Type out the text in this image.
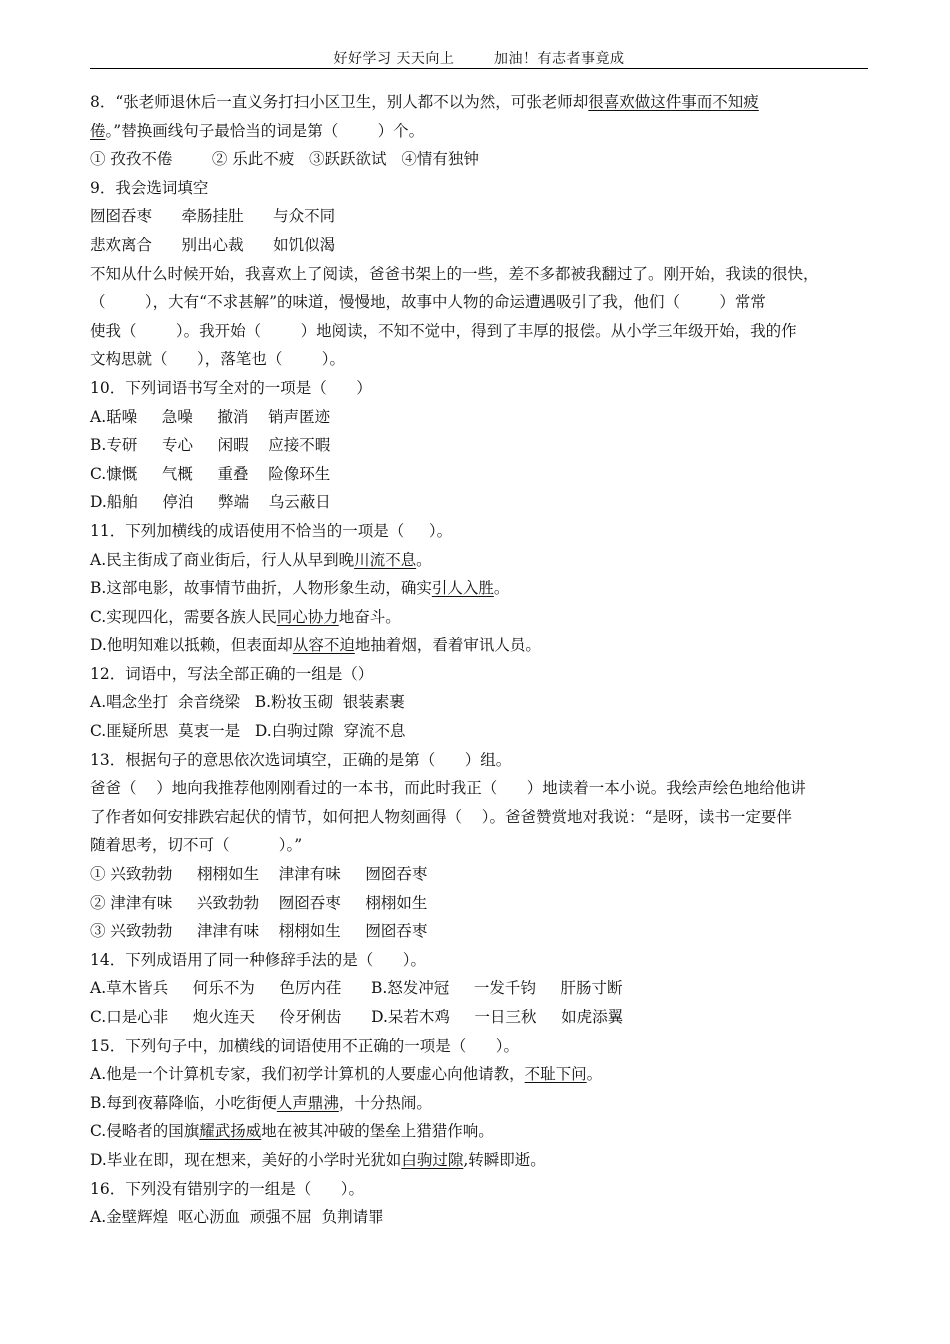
好好学习 天天向上	加油！有志者事竟成
8．“张老师退休后一直义务打扫小区卫生，别人都不以为然，可张老师却很喜欢做这件事而不知疲
倦。”替换画线句子最恰当的词是第（        ）个。
① 孜孜不倦        ② 乐此不疲   ③跃跃欲试   ④情有独钟
9．我会选词填空
囫囵吞枣      牵肠挂肚      与众不同
悲欢离合      别出心裁      如饥似渴
不知从什么时候开始，我喜欢上了阅读，爸爸书架上的一些，差不多都被我翻过了。刚开始，我读的很快，
（        ），大有“不求甚解”的味道，慢慢地，故事中人物的命运遭遇吸引了我，他们（        ）常常
使我（        ）。我开始（        ）地阅读，不知不觉中，得到了丰厚的报偿。从小学三年级开始，我的作
文构思就（      ），落笔也（        ）。
10．下列词语书写全对的一项是（      ）
A.聒噪     急噪     撤消    销声匿迹
B.专研     专心     闲暇    应接不暇
C.慷慨     气概     重叠    险像环生
D.船舶     停泊     弊端    乌云蔽日
11．下列加横线的成语使用不恰当的一项是（     ）。
A.民主街成了商业街后，行人从早到晚川流不息。
B.这部电影，故事情节曲折，人物形象生动，确实引人入胜。
C.实现四化，需要各族人民同心协力地奋斗。
D.他明知难以抵赖，但表面却从容不迫地抽着烟，看着审讯人员。
12．词语中，写法全部正确的一组是（）
A.唱念坐打  余音绕梁   B.粉妆玉砌  银装素裹
C.匪疑所思  莫衷一是   D.白驹过隙  穿流不息
13．根据句子的意思依次选词填空，正确的是第（      ）组。
爸爸（    ）地向我推荐他刚刚看过的一本书，而此时我正（      ）地读着一本小说。我绘声绘色地给他讲
了作者如何安排跌宕起伏的情节，如何把人物刻画得（    ）。爸爸赞赏地对我说：“是呀，读书一定要伴
随着思考，切不可（          ）。”
① 兴致勃勃     栩栩如生    津津有味     囫囵吞枣
② 津津有味     兴致勃勃    囫囵吞枣     栩栩如生
③ 兴致勃勃     津津有味    栩栩如生     囫囵吞枣
14．下列成语用了同一种修辞手法的是（      ）。
A.草木皆兵     何乐不为     色厉内荏      B.怒发冲冠     一发千钧     肝肠寸断
C.口是心非     炮火连天     伶牙俐齿      D.呆若木鸡     一日三秋     如虎添翼
15．下列句子中，加横线的词语使用不正确的一项是（      ）。
A.他是一个计算机专家，我们初学计算机的人要虚心向他请教，不耻下问。
B.每到夜幕降临，小吃街便人声鼎沸，十分热闹。
C.侵略者的国旗耀武扬威地在被其冲破的堡垒上猎猎作响。
D.毕业在即，现在想来，美好的小学时光犹如白驹过隙,转瞬即逝。
16．下列没有错别字的一组是（      ）。
A.金壁辉煌  呕心沥血  顽强不屈  负荆请罪
